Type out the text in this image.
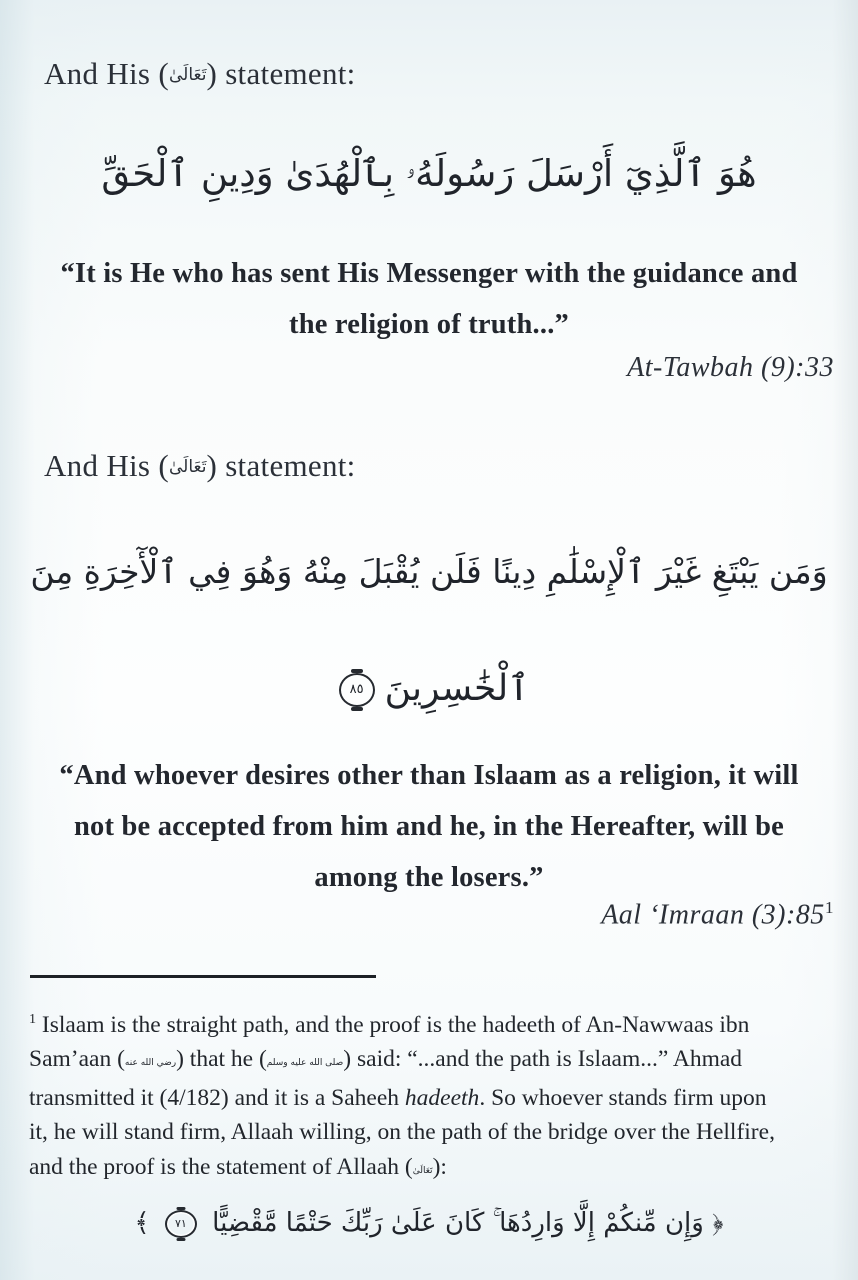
And His (تَعَالَىٰ) statement:
هُوَ ٱلَّذِيٓ أَرْسَلَ رَسُولَهُۥ بِٱلْهُدَىٰ وَدِينِ ٱلْحَقِّ
“It is He who has sent His Messenger with the guidance and
the religion of truth...”
At-Tawbah (9):33
And His (تَعَالَىٰ) statement:
وَمَن يَبْتَغِ غَيْرَ ٱلْإِسْلَٰمِ دِينًا فَلَن يُقْبَلَ مِنْهُ وَهُوَ فِي ٱلْأٓخِرَةِ مِنَ
ٱلْخَٰسِرِينَ٨٥
“And whoever desires other than Islaam as a religion, it will
not be accepted from him and he, in the Hereafter, will be
among the losers.”
Aal ‘Imraan $(3):85^1$
$^1$ Islaam is the straight path, and the proof is the hadeeth of An-Nawwaas ibn
Sam’aan (رضي الله عنه) that he (صلى الله عليه وسلم) said: “...and the path is Islaam...” Ahmad
transmitted it (4/182) and it is a Saheeh hadeeth. So whoever stands firm upon
it, he will stand firm, Allaah willing, on the path of the bridge over the Hellfire,
and the proof is the statement of Allaah (تَعَالَىٰ):
﴿ وَإِن مِّنكُمْ إِلَّا وَارِدُهَا ۚ كَانَ عَلَىٰ رَبِّكَ حَتْمًا مَّقْضِيًّا ٧١ ﴾
